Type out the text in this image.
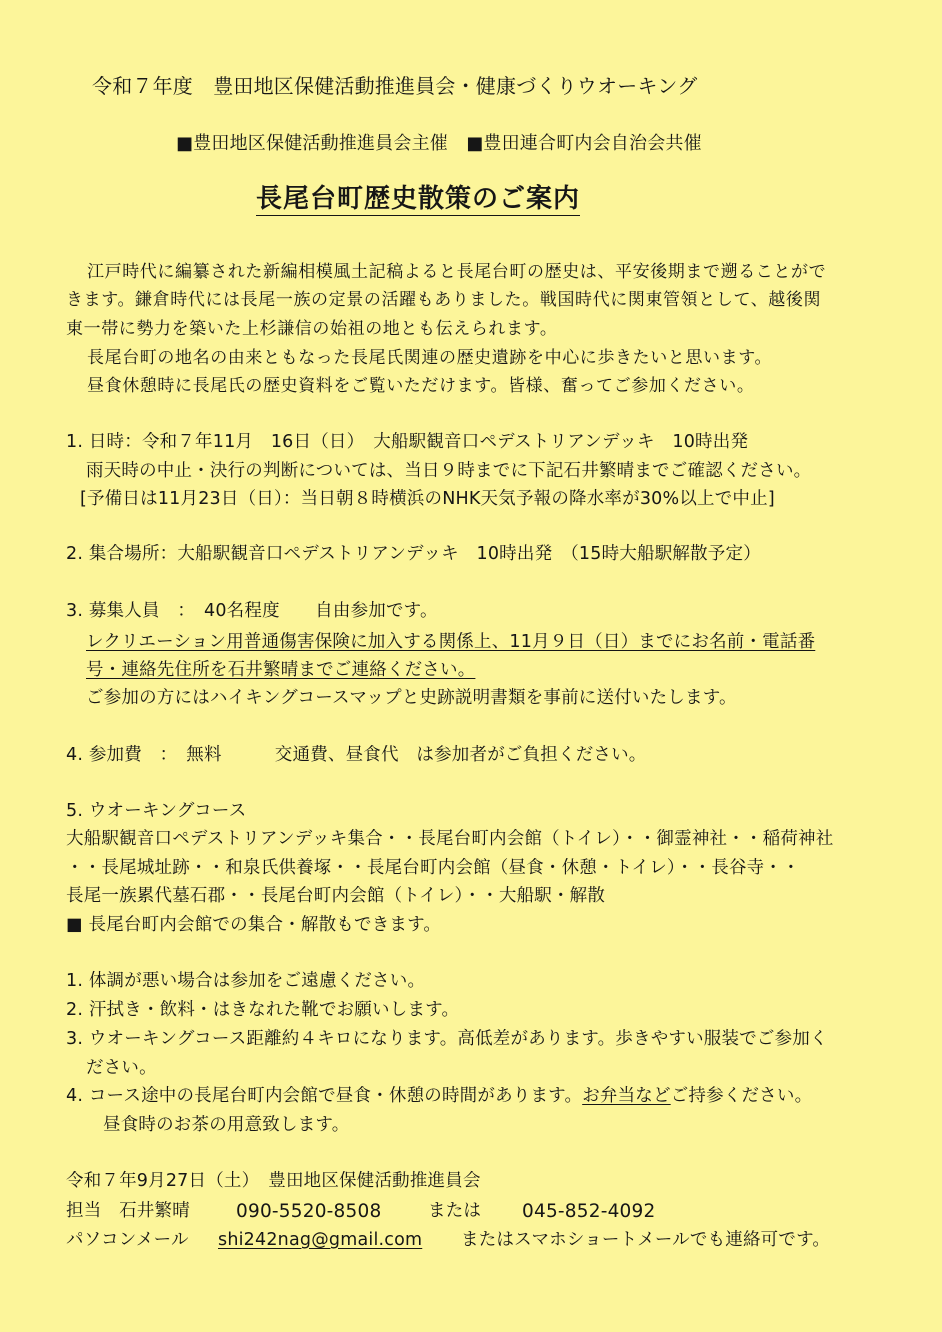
令和７年度　豊田地区保健活動推進員会・健康づくりウオーキング
■豊田地区保健活動推進員会主催　■豊田連合町内会自治会共催
長尾台町歴史散策のご案内
江戸時代に編纂された新編相模風土記稿よると長尾台町の歴史は、平安後期まで遡ることがで
きます。鎌倉時代には長尾一族の定景の活躍もありました。戦国時代に関東管領として、越後関
東一帯に勢力を築いた上杉謙信の始祖の地とも伝えられます。
長尾台町の地名の由来ともなった長尾氏関連の歴史遺跡を中心に歩きたいと思います。
昼食休憩時に長尾氏の歴史資料をご覧いただけます。皆様、奮ってご参加ください。
1. 日時：令和７年11月　16日（日）　大船駅観音口ペデストリアンデッキ　10時出発
雨天時の中止・決行の判断については、当日９時までに下記石井繁晴までご確認ください。
[予備日は11月23日（日）：当日朝８時横浜のNHK天気予報の降水率が30%以上で中止]
2. 集合場所：大船駅観音口ペデストリアンデッキ　10時出発　（15時大船駅解散予定）
3. 募集人員　：　40名程度　　自由参加です。
レクリエーション用普通傷害保険に加入する関係上、11月９日（日）までにお名前・電話番
号・連絡先住所を石井繁晴までご連絡ください。
ご参加の方にはハイキングコースマップと史跡説明書類を事前に送付いたします。
4. 参加費　：　無料　　　交通費、昼食代　は参加者がご負担ください。
5. ウオーキングコース
大船駅観音口ペデストリアンデッキ集合・・長尾台町内会館（トイレ）・・御霊神社・・稲荷神社
・・長尾城址跡・・和泉氏供養塚・・長尾台町内会館（昼食・休憩・トイレ）・・長谷寺・・
長尾一族累代墓石郡・・長尾台町内会館（トイレ）・・大船駅・解散
■ 長尾台町内会館での集合・解散もできます。
1. 体調が悪い場合は参加をご遠慮ください。
2. 汗拭き・飲料・はきなれた靴でお願いします。
3. ウオーキングコース距離約４キロになります。高低差があります。歩きやすい服装でご参加く
ださい。
4. コース途中の長尾台町内会館で昼食・休憩の時間があります。お弁当などご持参ください。
昼食時のお茶の用意致します。
令和７年9月27日（土）　豊田地区保健活動推進員会
担当　石井繁晴 090-5520-8508	または 045-852-4092
パソコンメール shi242nag@gmail.com またはスマホショートメールでも連絡可です。
